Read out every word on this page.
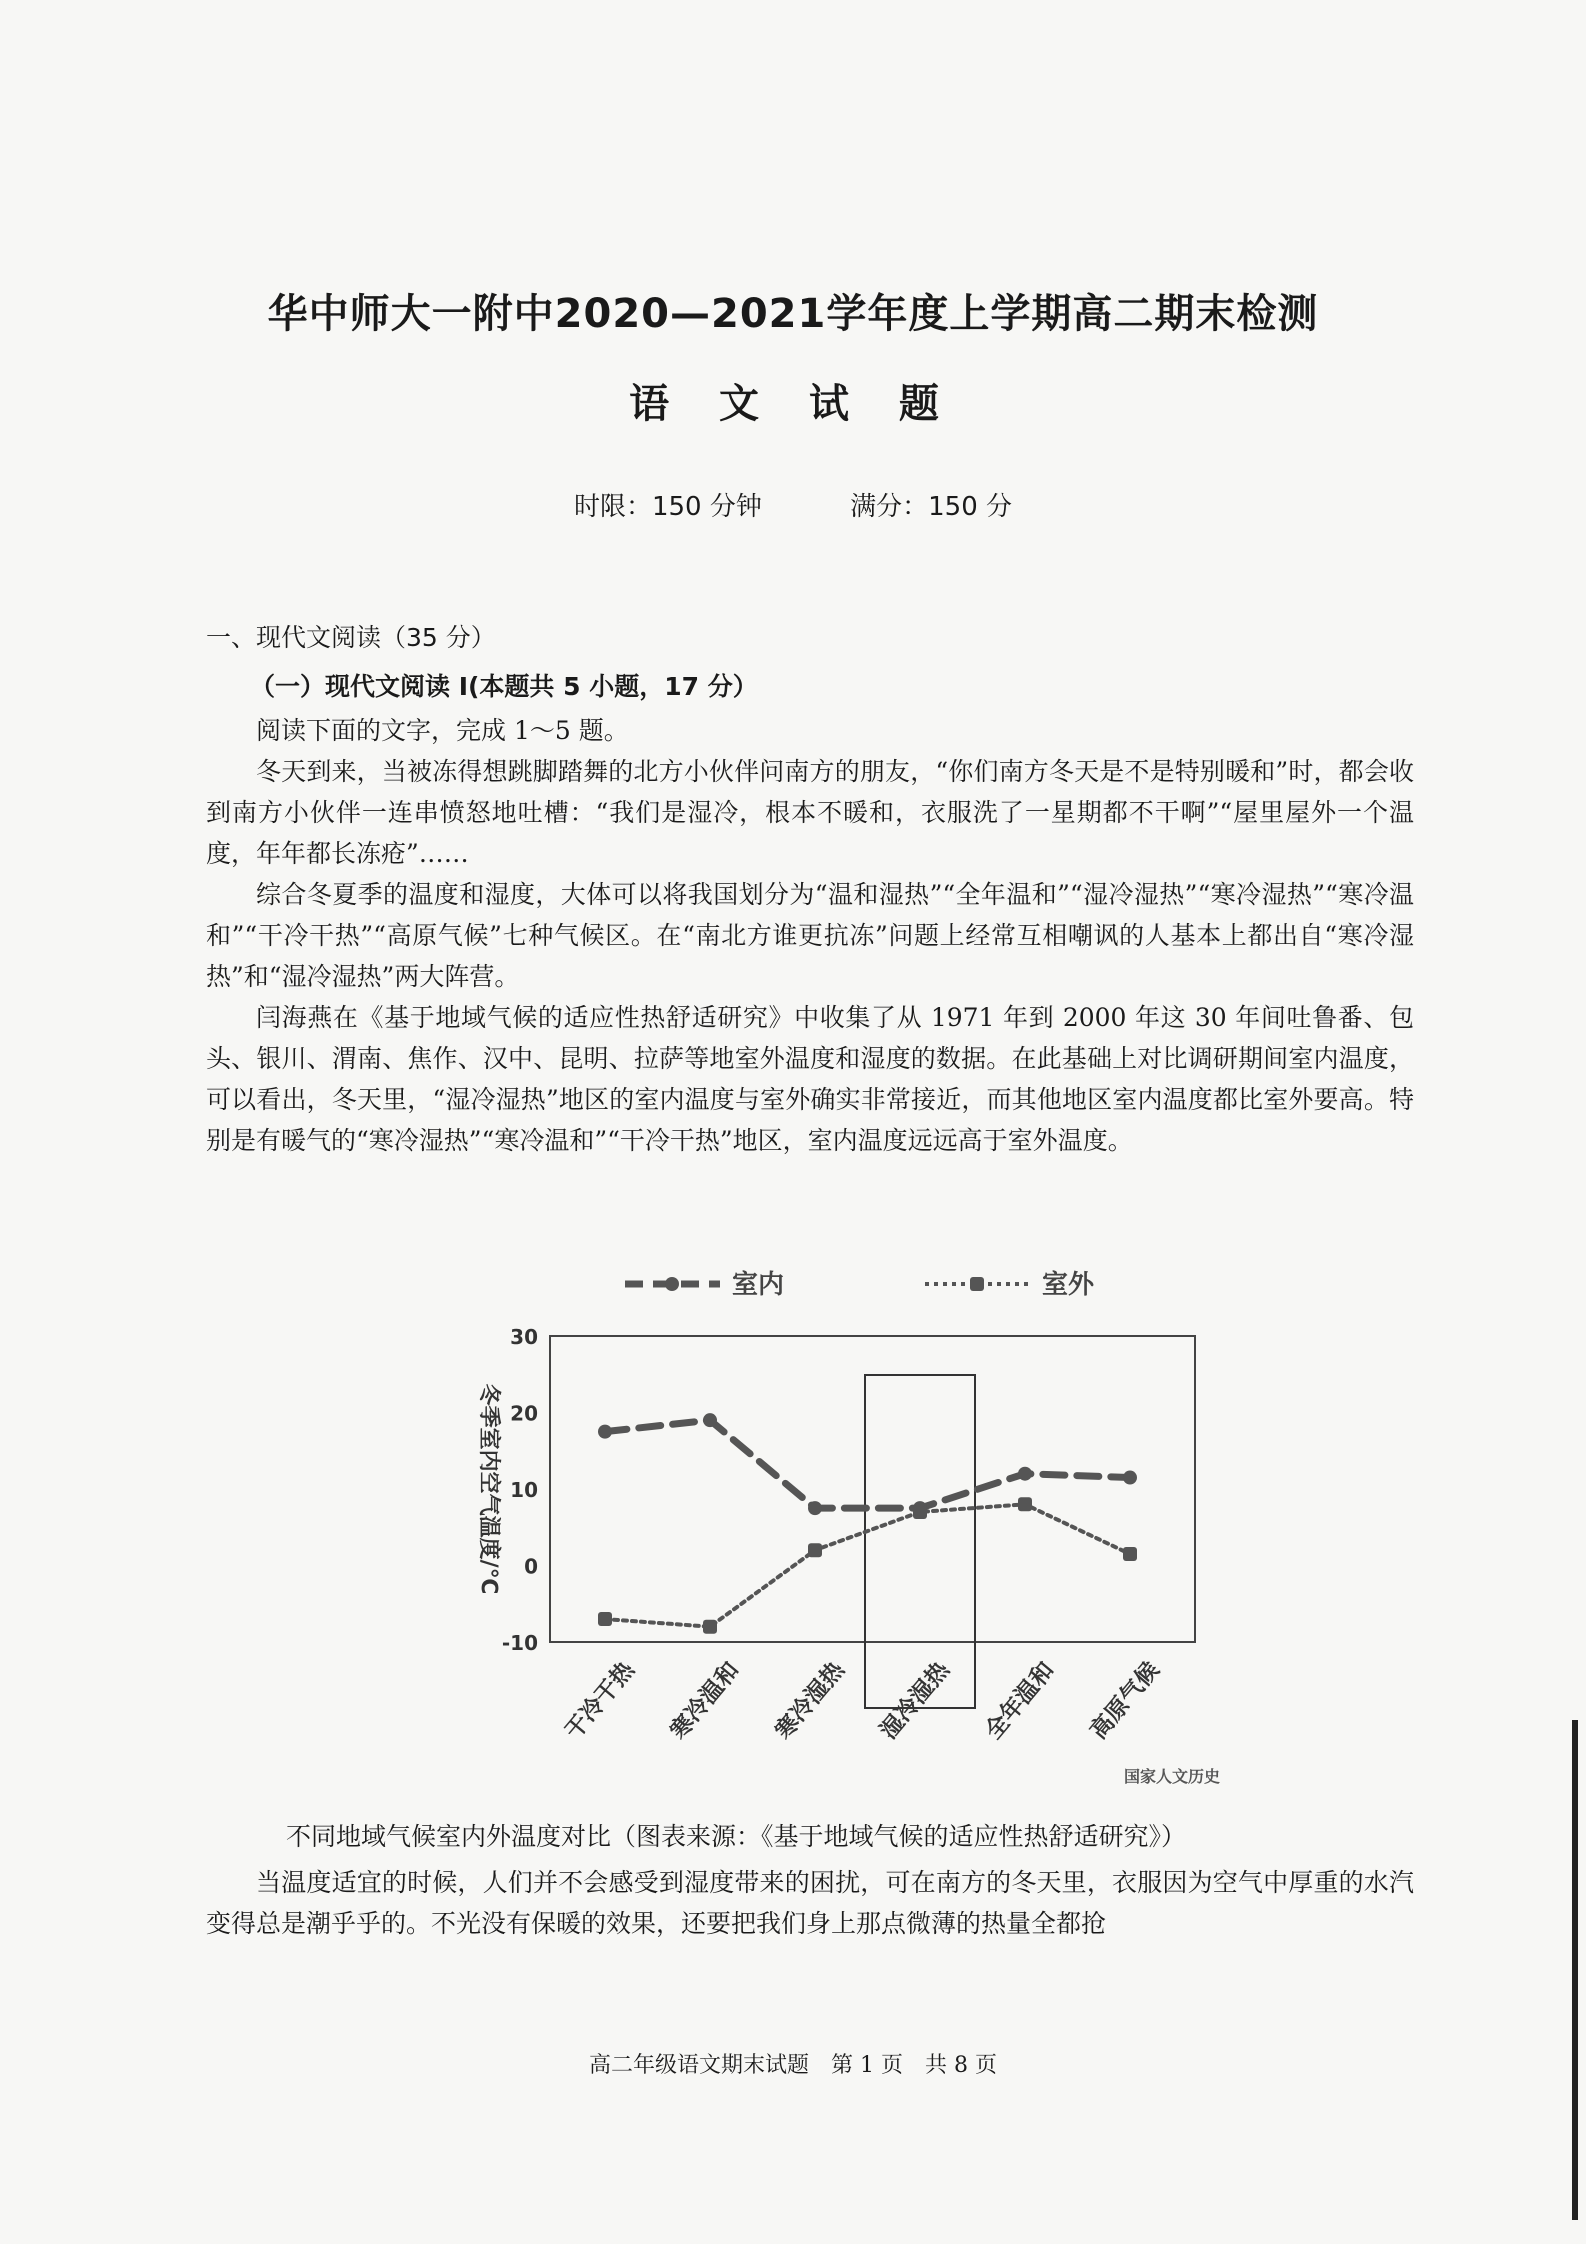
华中师大一附中2020—2021学年度上学期高二期末检测
语 文 试 题
时限：150 分钟	满分：150 分
一、现代文阅读（35 分）
（一）现代文阅读 I(本题共 5 小题，17 分）

阅读下面的文字，完成 1～5 题。

冬天到来，当被冻得想跳脚踏舞的北方小伙伴问南方的朋友，“你们南方冬天是不是特别暖和”时，都会收到南方小伙伴一连串愤怒地吐槽：“我们是湿冷，根本不暖和，衣服洗了一星期都不干啊”“屋里屋外一个温度，年年都长冻疮”……

综合冬夏季的温度和湿度，大体可以将我国划分为“温和湿热”“全年温和”“湿冷湿热”“寒冷湿热”“寒冷温和”“干冷干热”“高原气候”七种气候区。在“南北方谁更抗冻”问题上经常互相嘲讽的人基本上都出自“寒冷湿热”和“湿冷湿热”两大阵营。

闫海燕在《基于地域气候的适应性热舒适研究》中收集了从 1971 年到 2000 年这 30 年间吐鲁番、包头、银川、渭南、焦作、汉中、昆明、拉萨等地室外温度和湿度的数据。在此基础上对比调研期间室内温度，可以看出，冬天里，“湿冷湿热”地区的室内温度与室外确实非常接近，而其他地区室内温度都比室外要高。特别是有暖气的“寒冷湿热”“寒冷温和”“干冷干热”地区，室内温度远远高于室外温度。

30
20
10
0
-10
冬季室内空气温度/℃
室内	室外
干冷干热 寒冷温和 寒冷湿热 湿冷湿热 全年温和 高原气候
国家人文历史
不同地域气候室内外温度对比（图表来源：《基于地域气候的适应性热舒适研究》）

当温度适宜的时候，人们并不会感受到湿度带来的困扰，可在南方的冬天里，衣服因为空气中厚重的水汽变得总是潮乎乎的。不光没有保暖的效果，还要把我们身上那点微薄的热量全都抢

高二年级语文期末试题　第 1 页　共 8 页
